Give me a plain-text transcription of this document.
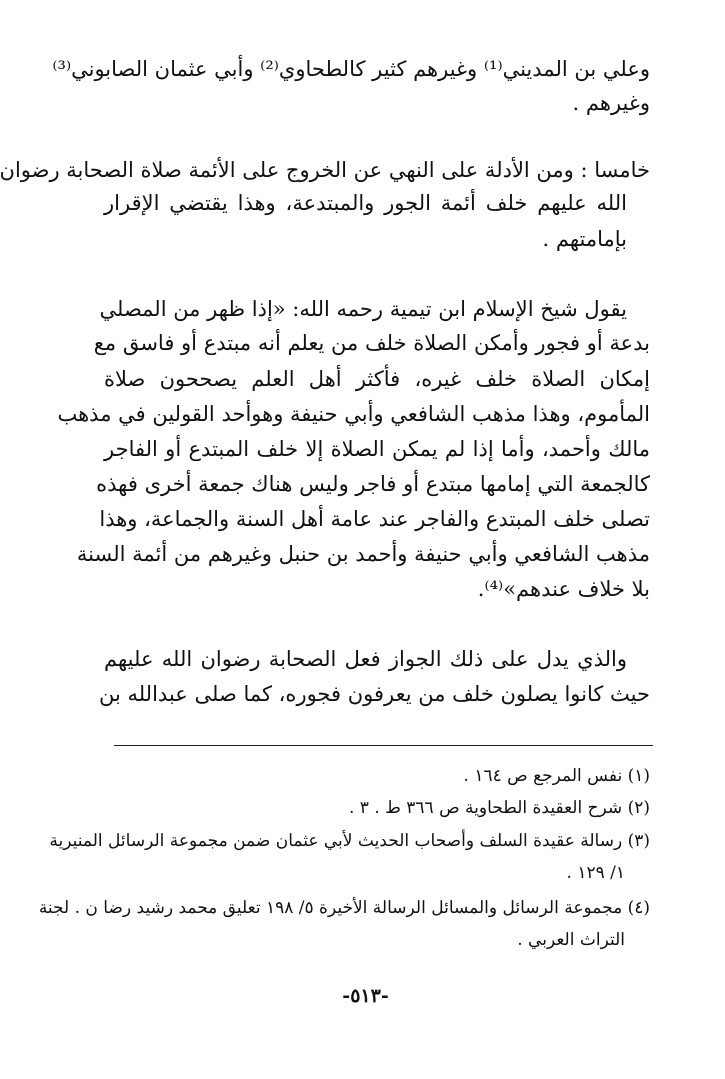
وعلي بن المديني⁽¹⁾ وغيرهم كثير كالطحاوي⁽²⁾ وأبي عثمان الصابوني⁽³⁾
وغيرهم .
خامسا : ومن الأدلة على النهي عن الخروج على الأئمة صلاة الصحابة رضوان
الله عليهم خلف أئمة الجور والمبتدعة، وهذا يقتضي الإقرار
بإمامتهم .
يقول شيخ الإسلام ابن تيمية رحمه الله: «إذا ظهر من المصلي
بدعة أو فجور وأمكن الصلاة خلف من يعلم أنه مبتدع أو فاسق مع
إمكان الصلاة خلف غيره، فأكثر أهل العلم يصححون صلاة
المأموم، وهذا مذهب الشافعي وأبي حنيفة وهوأحد القولين في مذهب
مالك وأحمد، وأما إذا لم يمكن الصلاة إلا خلف المبتدع أو الفاجر
كالجمعة التي إمامها مبتدع أو فاجر وليس هناك جمعة أخرى فهذه
تصلى خلف المبتدع والفاجر عند عامة أهل السنة والجماعة، وهذا
مذهب الشافعي وأبي حنيفة وأحمد بن حنبل وغيرهم من أئمة السنة
بلا خلاف عندهم»⁽⁴⁾.
والذي يدل على ذلك الجواز فعل الصحابة رضوان الله عليهم
حيث كانوا يصلون خلف من يعرفون فجوره، كما صلى عبدالله بن
(١) نفس المرجع ص ١٦٤ .
(٢) شرح العقيدة الطحاوية ص ٣٦٦ ط . ٣ .
(٣) رسالة عقيدة السلف وأصحاب الحديث لأبي عثمان ضمن مجموعة الرسائل المنيرية
١/ ١٢٩ .
(٤) مجموعة الرسائل والمسائل الرسالة الأخيرة ٥/ ١٩٨ تعليق محمد رشيد رضا ن . لجنة
التراث العربي .
-٥١٣-
